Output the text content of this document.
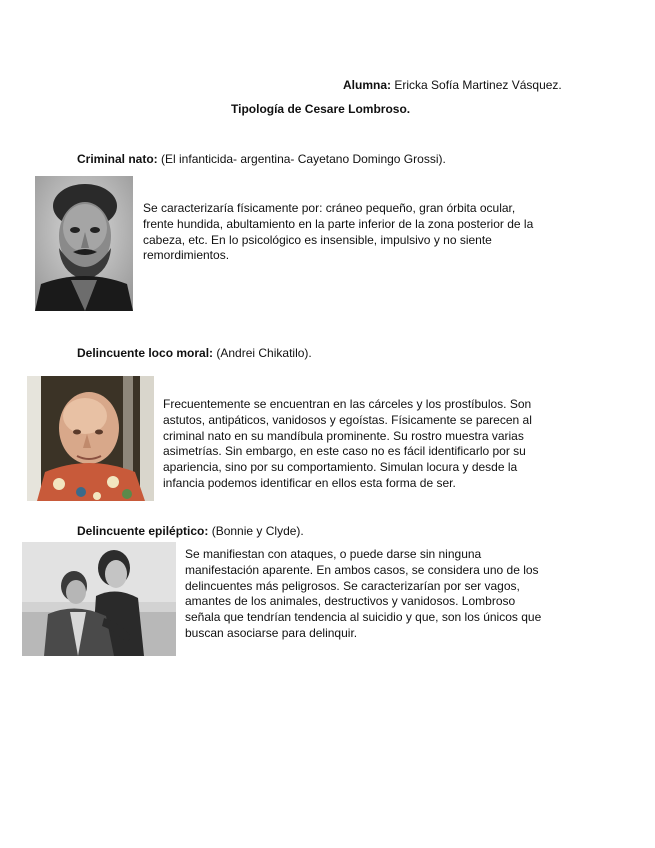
Alumna: Ericka Sofía Martinez Vásquez.
Tipología de Cesare Lombroso.
Criminal nato: (El infanticida- argentina- Cayetano Domingo Grossi).
Se caracterizaría físicamente por: cráneo pequeño, gran órbita ocular,
frente hundida, abultamiento en la parte inferior de la zona posterior de la
cabeza, etc. En lo psicológico es insensible, impulsivo y no siente
remordimientos.
Delincuente loco moral: (Andrei Chikatilo).
Frecuentemente se encuentran en las cárceles y los prostíbulos. Son
astutos, antipáticos, vanidosos y egoístas. Físicamente se parecen al
criminal nato en su mandíbula prominente. Su rostro muestra varias
asimetrías. Sin embargo, en este caso no es fácil identificarlo por su
apariencia, sino por su comportamiento. Simulan locura y desde la
infancia podemos identificar en ellos esta forma de ser.
Delincuente epiléptico: (Bonnie y Clyde).
Se manifiestan con ataques, o puede darse sin ninguna
manifestación aparente. En ambos casos, se considera uno de los
delincuentes más peligrosos. Se caracterizarían por ser vagos,
amantes de los animales, destructivos y vanidosos. Lombroso
señala que tendrían tendencia al suicidio y que, son los únicos que
buscan asociarse para delinquir.
